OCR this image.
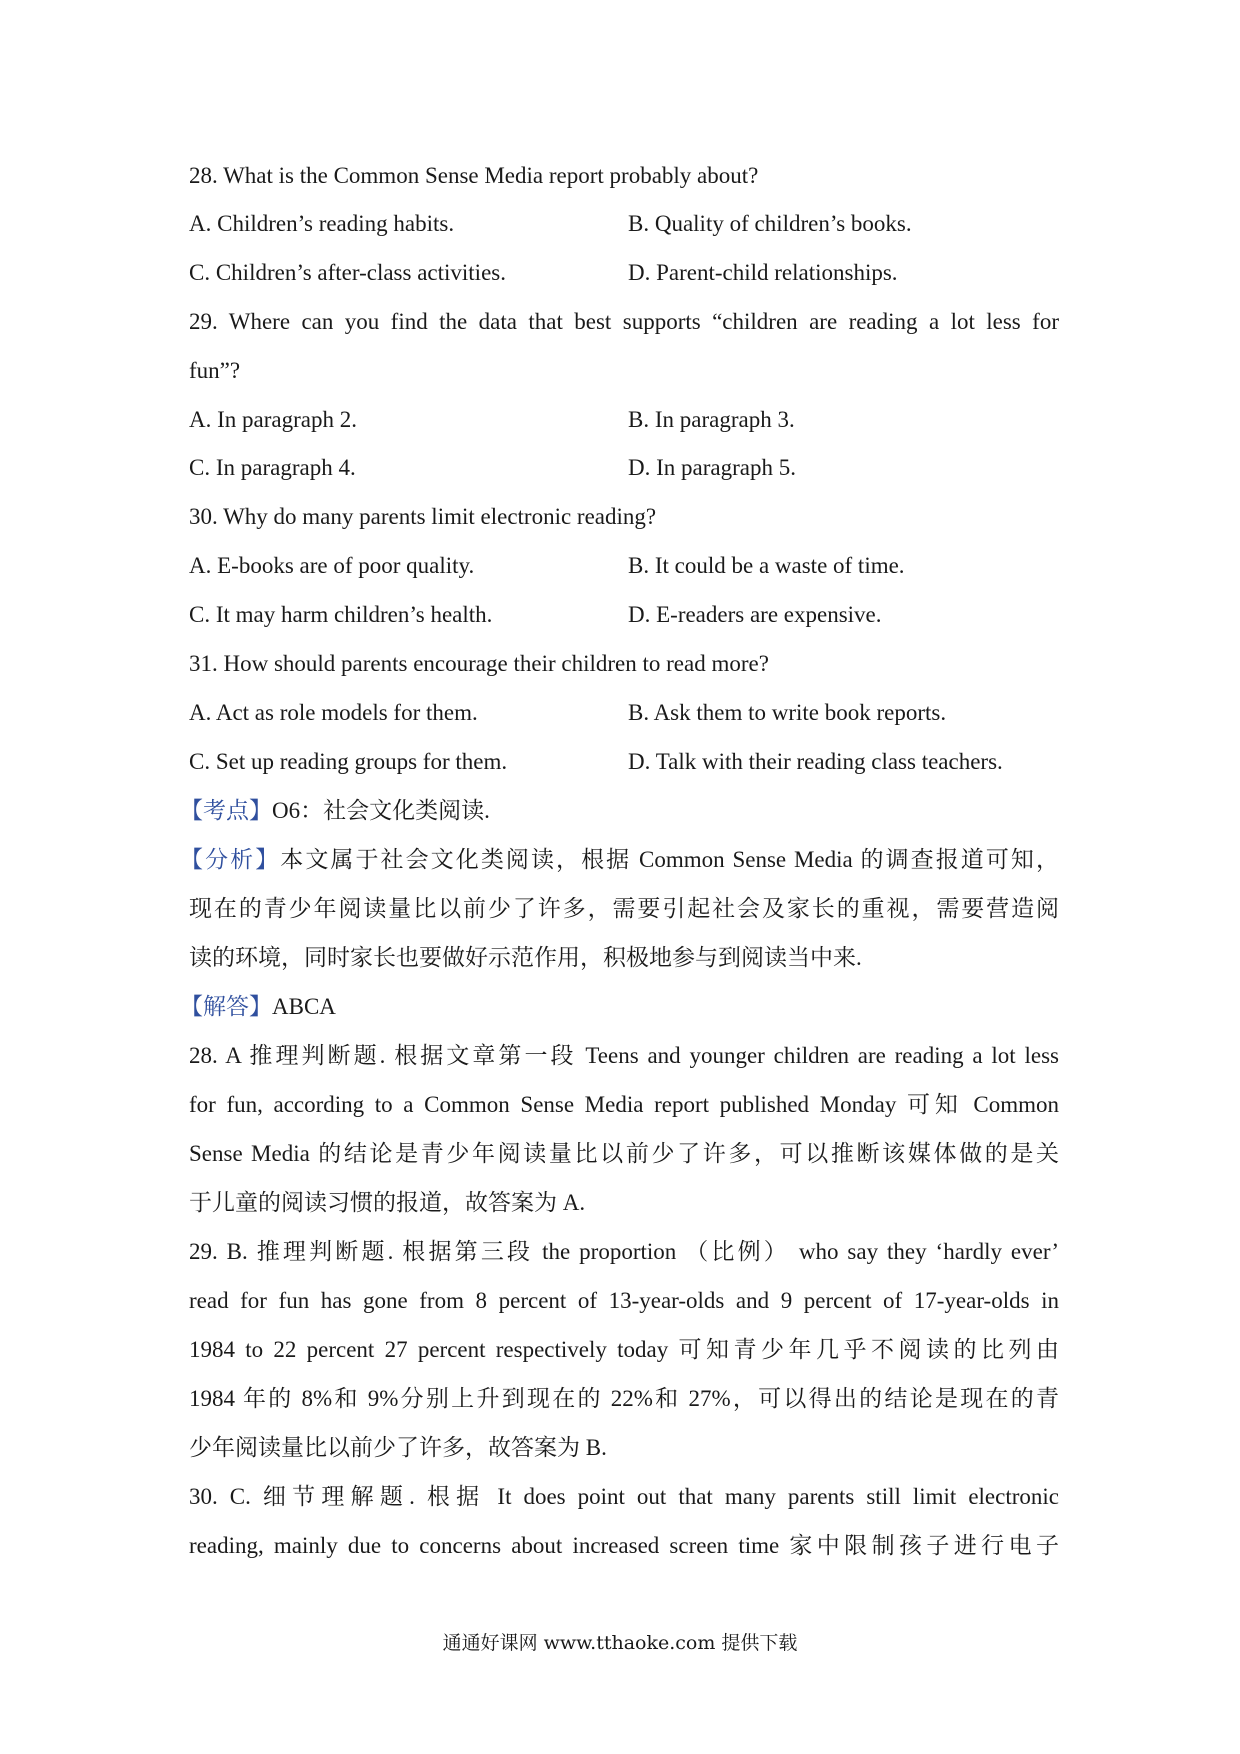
28. What is the Common Sense Media report probably about?
A. Children’s reading habits.	B. Quality of children’s books.
C. Children’s after-class activities.	D. Parent-child relationships.
29. Where can you find the data that best supports “children are reading a lot less for
fun”?
A. In paragraph 2.	B. In paragraph 3.
C. In paragraph 4.	D. In paragraph 5.
30. Why do many parents limit electronic reading?
A. E-books are of poor quality.	B. It could be a waste of time.
C. It may harm children’s health.	D. E-readers are expensive.
31. How should parents encourage their children to read more?
A. Act as role models for them.	B. Ask them to write book reports.
C. Set up reading groups for them.	D. Talk with their reading class teachers.
【考点】O6：社会文化类阅读.
【分析】本文属于社会文化类阅读，根据 Common Sense Media 的调查报道可知，
现在的青少年阅读量比以前少了许多，需要引起社会及家长的重视，需要营造阅
读的环境，同时家长也要做好示范作用，积极地参与到阅读当中来.
【解答】ABCA
28. A 推理判断题. 根据文章第一段 Teens and younger children are reading a lot less
for fun, according to a Common Sense Media report published Monday 可知 Common
Sense Media 的结论是青少年阅读量比以前少了许多，可以推断该媒体做的是关
于儿童的阅读习惯的报道，故答案为 A.
29. B. 推理判断题. 根据第三段 the proportion （比例） who say they ‘hardly ever’
read for fun has gone from 8 percent of 13-year-olds and 9 percent of 17-year-olds in
1984 to 22 percent 27 percent respectively today 可知青少年几乎不阅读的比列由
1984 年的 8%和 9%分别上升到现在的 22%和 27%，可以得出的结论是现在的青
少年阅读量比以前少了许多，故答案为 B.
30. C. 细节理解题. 根据 It does point out that many parents still limit electronic
reading, mainly due to concerns about increased screen time 家中限制孩子进行电子
通通好课网 www.tthaoke.com 提供下载
